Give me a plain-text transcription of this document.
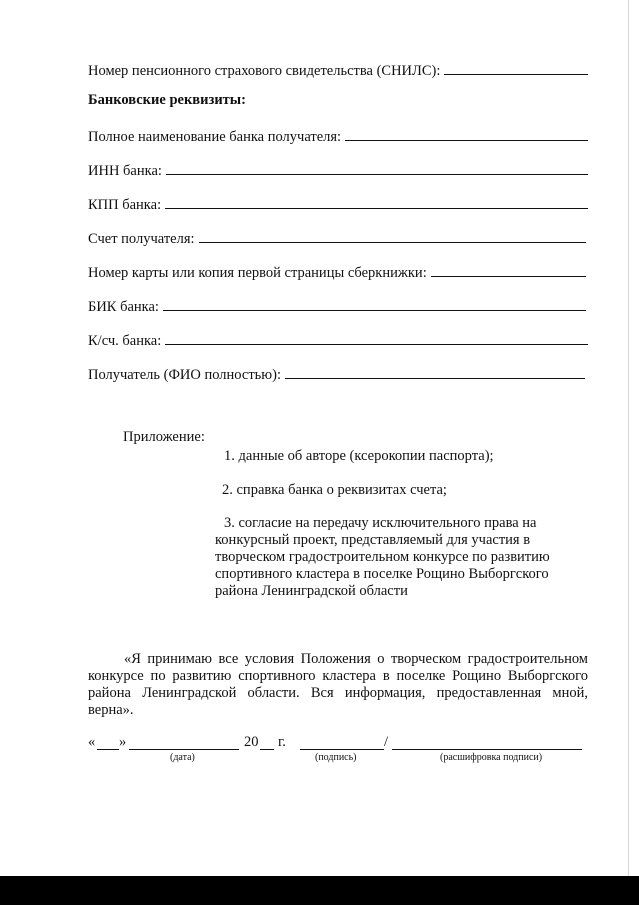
Номер пенсионного страхового свидетельства (СНИЛС):
Банковские реквизиты:
Полное наименование банка получателя:
ИНН банка:
КПП банка:
Счет получателя:
Номер карты или копия первой страницы сберкнижки:
БИК банка:
К/сч. банка:
Получатель (ФИО полностью):
Приложение:
1. данные об авторе (ксерокопии паспорта);
2. справка банка о реквизитах счета;
3. согласие на передачу исключительного права на
конкурсный проект, представляемый для участия в
творческом градостроительном конкурсе по развитию
спортивного кластера в поселке Рощино Выборгского
района Ленинградской области
«Я принимаю все условия Положения о творческом градостроительном конкурсе по развитию спортивного кластера в поселке Рощино Выборгского района Ленинградской области. Вся информация, предоставленная мной, верна».
« »	20 г.	/
(дата)	(подпись)	(расшифровка подписи)
